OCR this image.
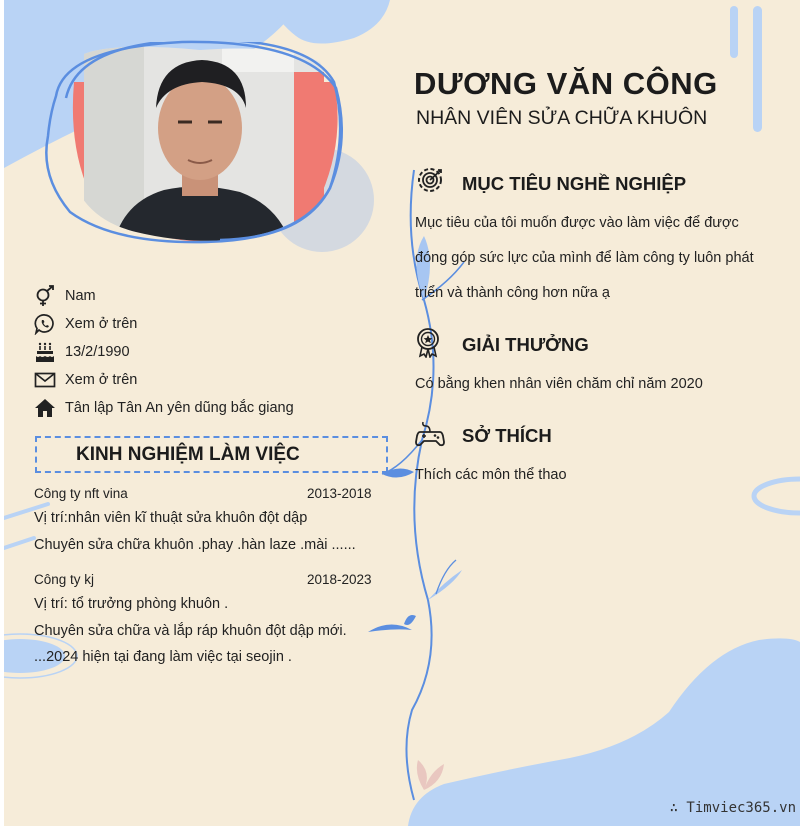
DƯƠNG VĂN CÔNG
NHÂN VIÊN SỬA CHỮA KHUÔN
MỤC TIÊU NGHỀ NGHIỆP
Mục tiêu của tôi muốn được vào làm việc để được
đóng góp sức lực của mình để làm công ty luôn phát
triển và thành công hơn nữa ạ
GIẢI THƯỞNG
Có bằng khen nhân viên chăm chỉ năm 2020
SỞ THÍCH
Thích các môn thể thao
Nam
Xem ở trên
13/2/1990
Xem ở trên
Tân lập Tân An yên dũng bắc giang
KINH NGHIỆM LÀM VIỆC
Công ty nft vina	2013-2018
Vị trí:nhân viên kĩ thuật sửa khuôn đột dập
Chuyên sửa chữa khuôn .phay .hàn laze .mài ......
Công ty kj	2018-2023
Vị trí: tổ trưởng phòng khuôn .
Chuyên sửa chữa và lắp ráp khuôn đột dập mới.
...2024 hiện tại đang làm việc tại seojin .
∴ Timviec365.vn
